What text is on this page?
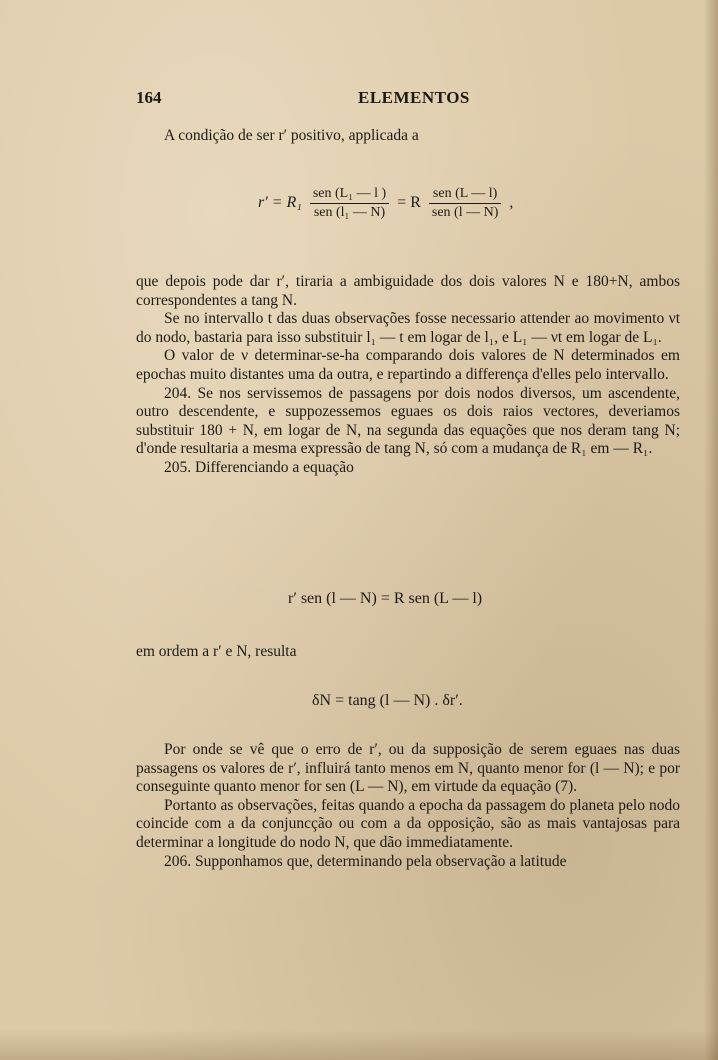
164	ELEMENTOS

A condição de ser r′ positivo, applicada a

$r' = R_1 \frac{\text{sen (L₁ — l )}}{\text{sen (l₁ — N)}} = R \frac{\text{sen (L — l)}}{\text{sen (l — N)}}$ ,

que depois pode dar r′, tiraria a ambiguidade dos dois valores N e 180+N, ambos correspondentes a tang N.

Se no intervallo t das duas observações fosse necessario attender ao movimento νt do nodo, bastaria para isso substituir l₁ — t em logar de l₁, e L₁ — νt em logar de L₁.

O valor de ν determinar-se-ha comparando dois valores de N determinados em epochas muito distantes uma da outra, e repartindo a differença d'elles pelo intervallo.

204. Se nos servissemos de passagens por dois nodos diversos, um ascendente, outro descendente, e suppozessemos eguaes os dois raios vectores, deveriamos substituir 180 + N, em logar de N, na segunda das equações que nos deram tang N; d'onde resultaria a mesma expressão de tang N, só com a mudança de R₁ em — R₁.

205. Differenciando a equação

r′ sen (l — N) = R sen (L — l)

em ordem a r′ e N, resulta

δN = tang (l — N) . δr′.

Por onde se vê que o erro de r′, ou da supposição de serem eguaes nas duas passagens os valores de r′, influirá tanto menos em N, quanto menor for (l — N); e por conseguinte quanto menor for sen (L — N), em virtude da equação (7).

Portanto as observações, feitas quando a epocha da passagem do planeta pelo nodo coincide com a da conjuncção ou com a da opposição, são as mais vantajosas para determinar a longitude do nodo N, que dão immediatamente.

206. Supponhamos que, determinando pela observação a latitude
